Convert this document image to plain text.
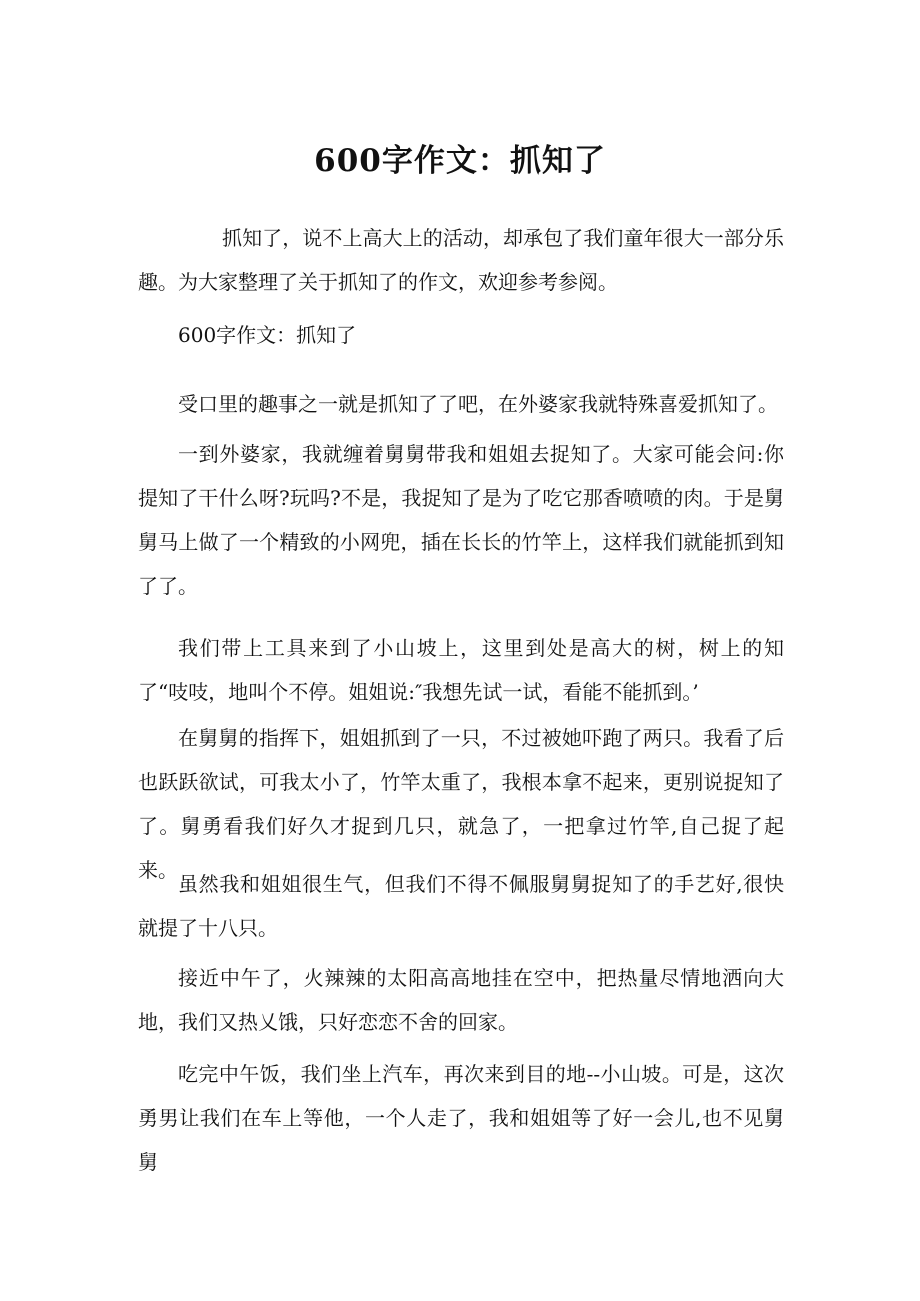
600字作文：抓知了

抓知了，说不上高大上的活动，却承包了我们童年很大一部分乐趣。为大家整理了关于抓知了的作文，欢迎参考参阅。

600字作文：抓知了

受口里的趣事之一就是抓知了了吧，在外婆家我就特殊喜爱抓知了。

一到外婆家，我就缠着舅舅带我和姐姐去捉知了。大家可能会问:你提知了干什么呀?玩吗?不是，我捉知了是为了吃它那香喷喷的肉。于是舅舅马上做了一个精致的小网兜，插在长长的竹竿上，这样我们就能抓到知了了。

我们带上工具来到了小山坡上，这里到处是高大的树，树上的知了“吱吱，地叫个不停。姐姐说:″我想先试一试，看能不能抓到。’

在舅舅的指挥下，姐姐抓到了一只，不过被她吓跑了两只。我看了后也跃跃欲试，可我太小了，竹竿太重了，我根本拿不起来，更别说捉知了了。舅勇看我们好久才捉到几只，就急了，一把拿过竹竿,自己捉了起来。

虽然我和姐姐很生气，但我们不得不佩服舅舅捉知了的手艺好,很快就提了十八只。

接近中午了，火辣辣的太阳高高地挂在空中，把热量尽情地洒向大地，我们又热乂饿，只好恋恋不舍的回家。

吃完中午饭，我们坐上汽车，再次来到目的地--小山坡。可是，这次勇男让我们在车上等他，一个人走了，我和姐姐等了好一会儿,也不见舅舅
